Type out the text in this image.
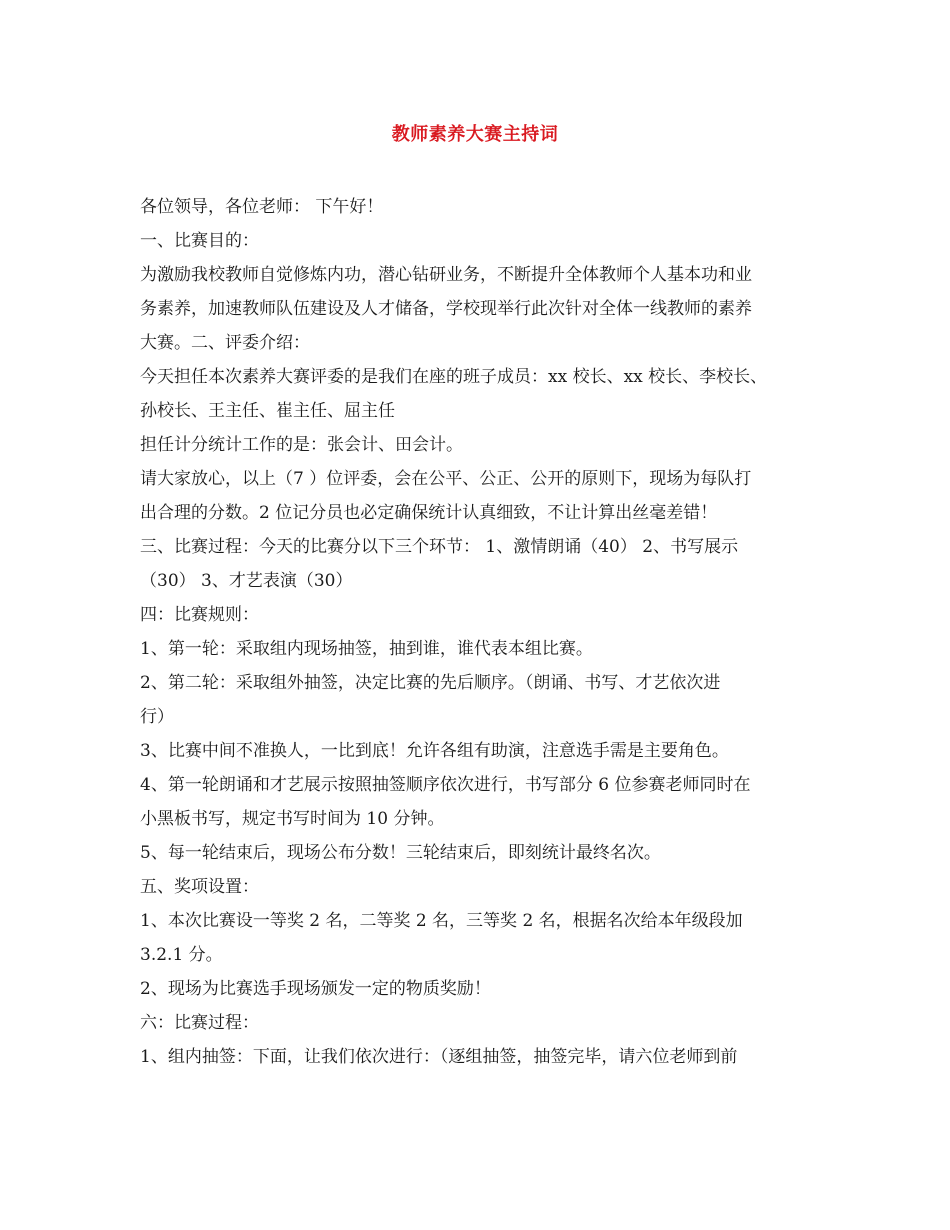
教师素养大赛主持词
各位领导，各位老师： 下午好！
一、比赛目的：
为激励我校教师自觉修炼内功，潜心钻研业务，不断提升全体教师个人基本功和业
务素养，加速教师队伍建设及人才储备，学校现举行此次针对全体一线教师的素养
大赛。二、评委介绍：
今天担任本次素养大赛评委的是我们在座的班子成员：xx 校长、xx 校长、李校长、
孙校长、王主任、崔主任、屈主任
担任计分统计工作的是：张会计、田会计。
请大家放心，以上（7 ）位评委，会在公平、公正、公开的原则下，现场为每队打
出合理的分数。2 位记分员也必定确保统计认真细致，不让计算出丝毫差错！
三、比赛过程：今天的比赛分以下三个环节： 1、激情朗诵（40） 2、书写展示
（30） 3、才艺表演（30）
四：比赛规则：
1、第一轮：采取组内现场抽签，抽到谁，谁代表本组比赛。
2、第二轮：采取组外抽签，决定比赛的先后顺序。（朗诵、书写、才艺依次进
行）
3、比赛中间不准换人，一比到底！允许各组有助演，注意选手需是主要角色。
4、第一轮朗诵和才艺展示按照抽签顺序依次进行，书写部分 6 位参赛老师同时在
小黑板书写，规定书写时间为 10 分钟。
5、每一轮结束后，现场公布分数！三轮结束后，即刻统计最终名次。
五、奖项设置：
1、本次比赛设一等奖 2 名，二等奖 2 名，三等奖 2 名，根据名次给本年级段加
3.2.1 分。
2、现场为比赛选手现场颁发一定的物质奖励！
六：比赛过程：
1、组内抽签：下面，让我们依次进行：（逐组抽签，抽签完毕，请六位老师到前
